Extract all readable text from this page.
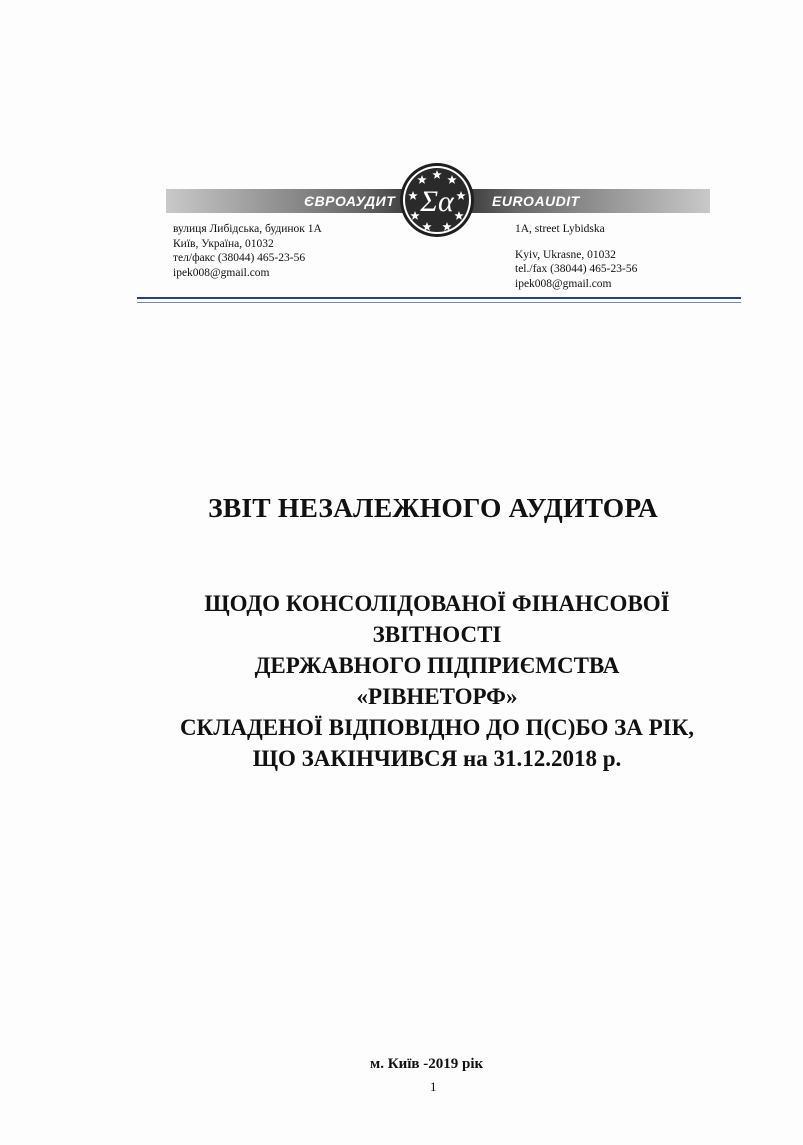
ЄВРОАУДИТ	EUROAUDIT
Σα
вулиця Либідська, будинок 1А
Київ, Україна, 01032
тел/факс (38044) 465-23-56
ipek008@gmail.com
1A, street Lybidska
Kyiv, Ukrasne, 01032
tel./fax (38044) 465-23-56
ipek008@gmail.com
ЗВІТ НЕЗАЛЕЖНОГО АУДИТОРА
ЩОДО КОНСОЛІДОВАНОЇ ФІНАНСОВОЇ
ЗВІТНОСТІ
ДЕРЖАВНОГО ПІДПРИЄМСТВА
«РІВНЕТОРФ»
СКЛАДЕНОЇ ВІДПОВІДНО ДО П(С)БО ЗА РІК,
ЩО ЗАКІНЧИВСЯ на 31.12.2018 р.
м. Київ -2019 рік
1
